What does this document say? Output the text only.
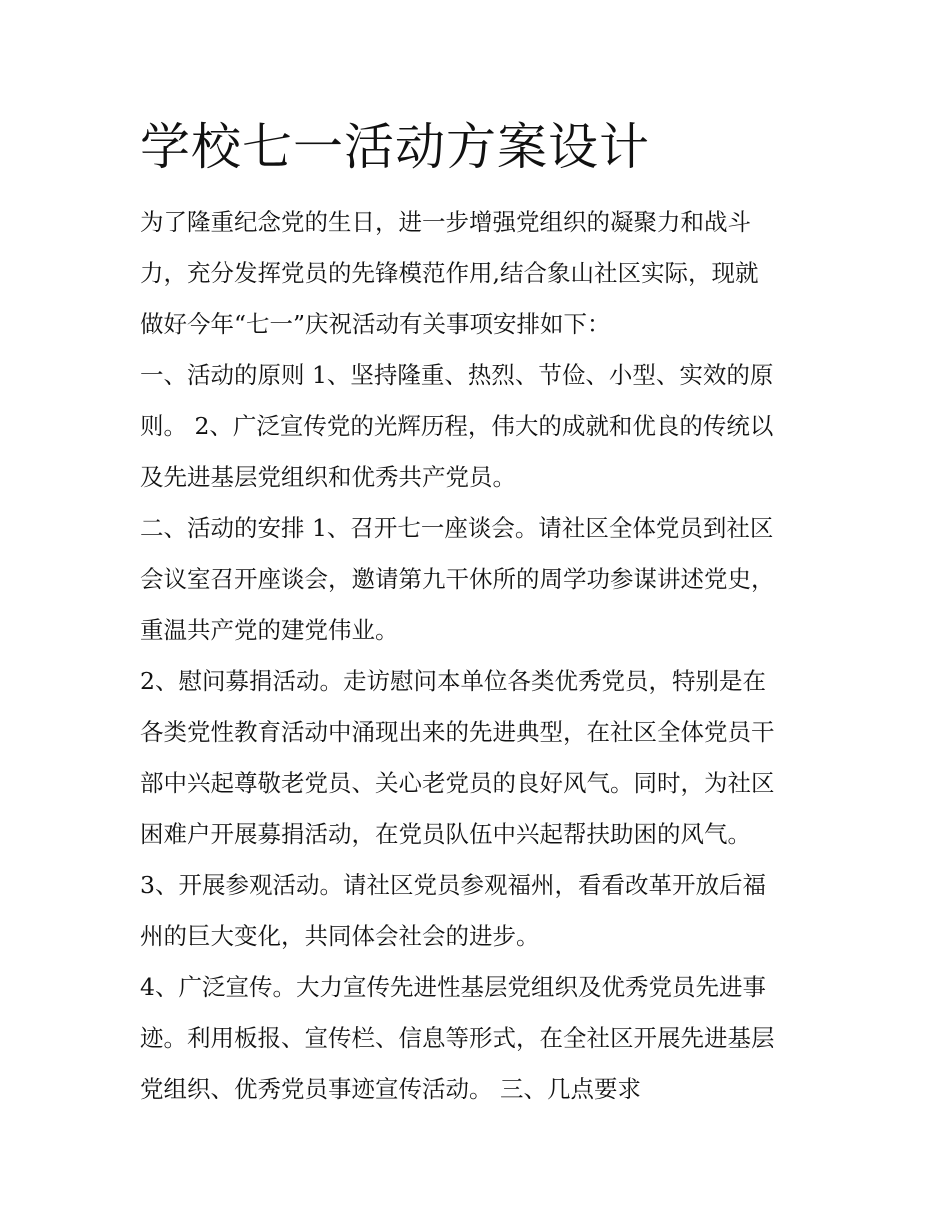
学校七一活动方案设计

为了隆重纪念党的生日，进一步增强党组织的凝聚力和战斗

力，充分发挥党员的先锋模范作用,结合象山社区实际，现就

做好今年“七一”庆祝活动有关事项安排如下：

一、活动的原则 1、坚持隆重、热烈、节俭、小型、实效的原

则。 2、广泛宣传党的光辉历程，伟大的成就和优良的传统以

及先进基层党组织和优秀共产党员。

二、活动的安排 1、召开七一座谈会。请社区全体党员到社区

会议室召开座谈会，邀请第九干休所的周学功参谋讲述党史，

重温共产党的建党伟业。

2、慰问募捐活动。走访慰问本单位各类优秀党员，特别是在

各类党性教育活动中涌现出来的先进典型，在社区全体党员干

部中兴起尊敬老党员、关心老党员的良好风气。同时，为社区

困难户开展募捐活动，在党员队伍中兴起帮扶助困的风气。

3、开展参观活动。请社区党员参观福州，看看改革开放后福

州的巨大变化，共同体会社会的进步。

4、广泛宣传。大力宣传先进性基层党组织及优秀党员先进事

迹。利用板报、宣传栏、信息等形式，在全社区开展先进基层

党组织、优秀党员事迹宣传活动。 三、几点要求
